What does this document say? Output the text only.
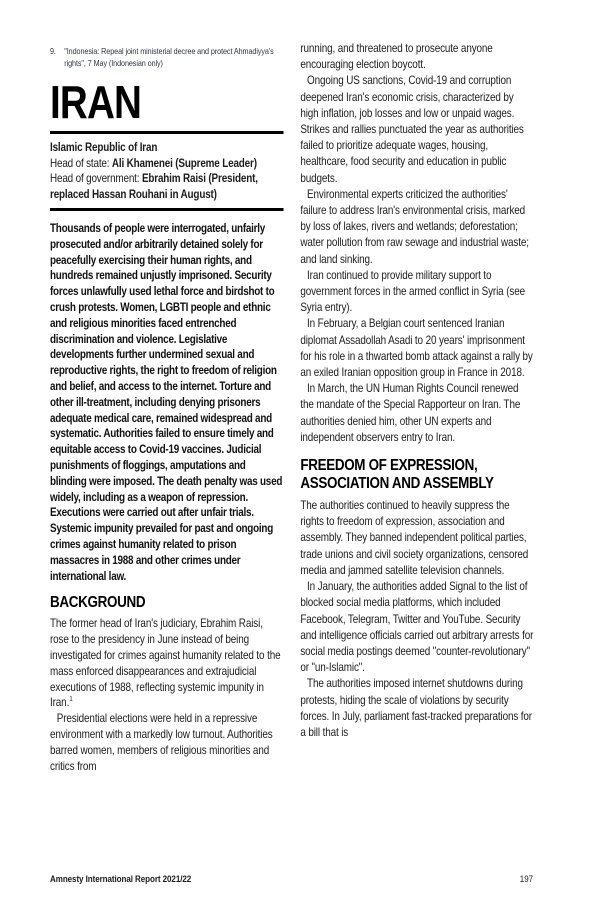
9. "Indonesia: Repeal joint ministerial decree and protect Ahmadiyya's rights", 7 May (Indonesian only)
IRAN
Islamic Republic of Iran
Head of state: Ali Khamenei (Supreme Leader)
Head of government: Ebrahim Raisi (President, replaced Hassan Rouhani in August)

Thousands of people were interrogated, unfairly prosecuted and/or arbitrarily detained solely for peacefully exercising their human rights, and hundreds remained unjustly imprisoned. Security forces unlawfully used lethal force and birdshot to crush protests. Women, LGBTI people and ethnic and religious minorities faced entrenched discrimination and violence. Legislative developments further undermined sexual and reproductive rights, the right to freedom of religion and belief, and access to the internet. Torture and other ill-treatment, including denying prisoners adequate medical care, remained widespread and systematic. Authorities failed to ensure timely and equitable access to Covid-19 vaccines. Judicial punishments of floggings, amputations and blinding were imposed. The death penalty was used widely, including as a weapon of repression. Executions were carried out after unfair trials. Systemic impunity prevailed for past and ongoing crimes against humanity related to prison massacres in 1988 and other crimes under international law.

BACKGROUND

The former head of Iran's judiciary, Ebrahim Raisi, rose to the presidency in June instead of being investigated for crimes against humanity related to the mass enforced disappearances and extrajudicial executions of 1988, reflecting systemic impunity in Iran.$^1$

Presidential elections were held in a repressive environment with a markedly low turnout. Authorities barred women, members of religious minorities and critics from

running, and threatened to prosecute anyone encouraging election boycott.

Ongoing US sanctions, Covid-19 and corruption deepened Iran's economic crisis, characterized by high inflation, job losses and low or unpaid wages. Strikes and rallies punctuated the year as authorities failed to prioritize adequate wages, housing, healthcare, food security and education in public budgets.

Environmental experts criticized the authorities' failure to address Iran's environmental crisis, marked by loss of lakes, rivers and wetlands; deforestation; water pollution from raw sewage and industrial waste; and land sinking.

Iran continued to provide military support to government forces in the armed conflict in Syria (see Syria entry).

In February, a Belgian court sentenced Iranian diplomat Assadollah Asadi to 20 years' imprisonment for his role in a thwarted bomb attack against a rally by an exiled Iranian opposition group in France in 2018.

In March, the UN Human Rights Council renewed the mandate of the Special Rapporteur on Iran. The authorities denied him, other UN experts and independent observers entry to Iran.

FREEDOM OF EXPRESSION, ASSOCIATION AND ASSEMBLY

The authorities continued to heavily suppress the rights to freedom of expression, association and assembly. They banned independent political parties, trade unions and civil society organizations, censored media and jammed satellite television channels.

In January, the authorities added Signal to the list of blocked social media platforms, which included Facebook, Telegram, Twitter and YouTube. Security and intelligence officials carried out arbitrary arrests for social media postings deemed "counter-revolutionary" or "un-Islamic".

The authorities imposed internet shutdowns during protests, hiding the scale of violations by security forces. In July, parliament fast-tracked preparations for a bill that is

Amnesty International Report 2021/22	197
